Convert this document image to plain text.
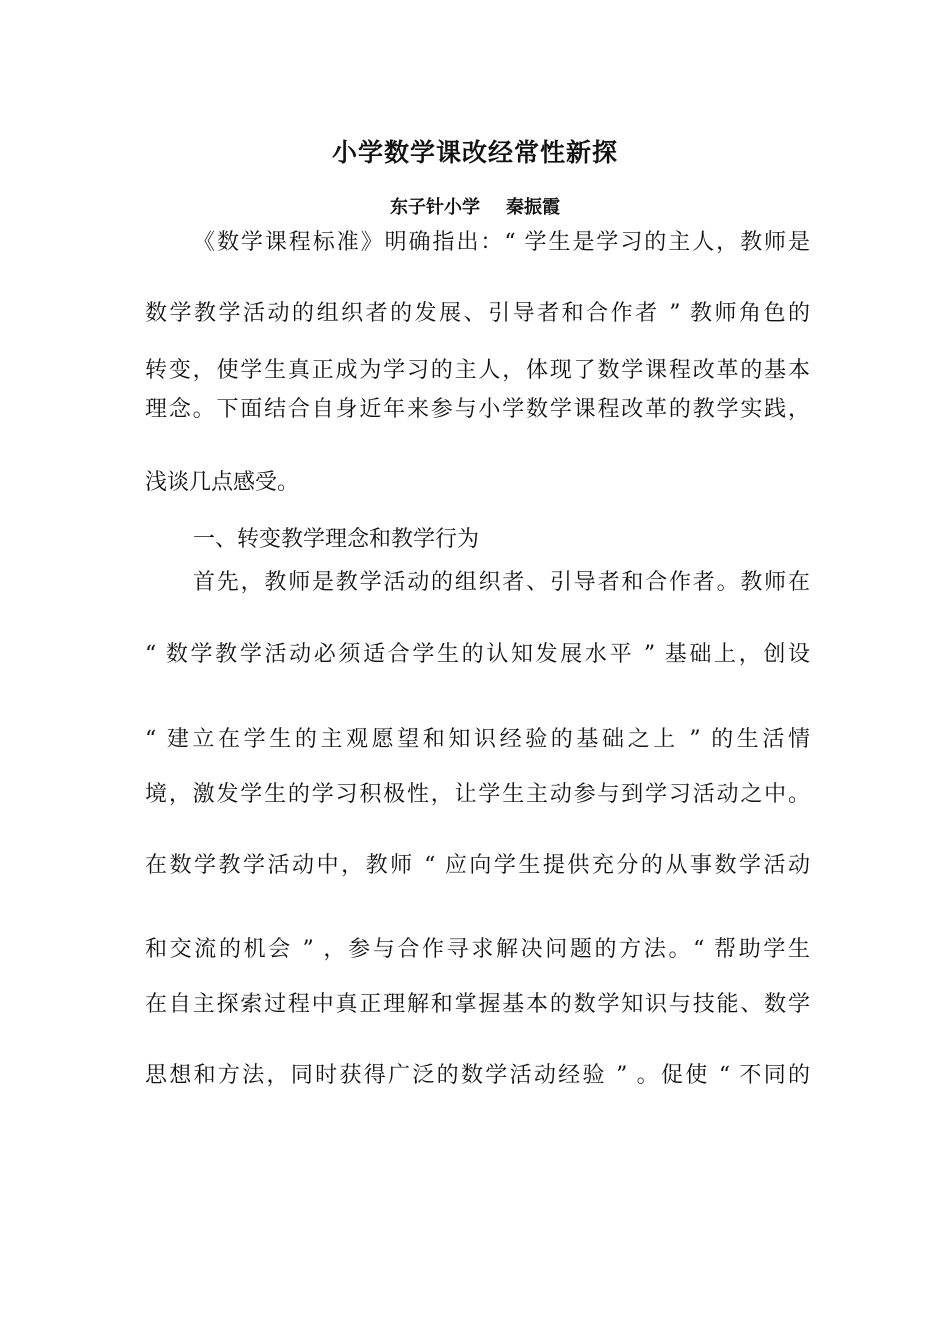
小学数学课改经常性新探
东子针小学 秦振霞
《数学课程标准》明确指出：“ 学生是学习的主人，教师是
数学教学活动的组织者的发展、引导者和合作者 ” 教师角色的
转变，使学生真正成为学习的主人，体现了数学课程改革的基本
理念。下面结合自身近年来参与小学数学课程改革的教学实践，
浅谈几点感受。
一、转变教学理念和教学行为
首先，教师是教学活动的组织者、引导者和合作者。教师在
“ 数学教学活动必须适合学生的认知发展水平 ” 基础上，创设
“ 建立在学生的主观愿望和知识经验的基础之上 ” 的生活情
境，激发学生的学习积极性，让学生主动参与到学习活动之中。
在数学教学活动中，教师 “ 应向学生提供充分的从事数学活动
和交流的机会 ” ，参与合作寻求解决问题的方法。“ 帮助学生
在自主探索过程中真正理解和掌握基本的数学知识与技能、数学
思想和方法，同时获得广泛的数学活动经验 ” 。促使 “ 不同的
